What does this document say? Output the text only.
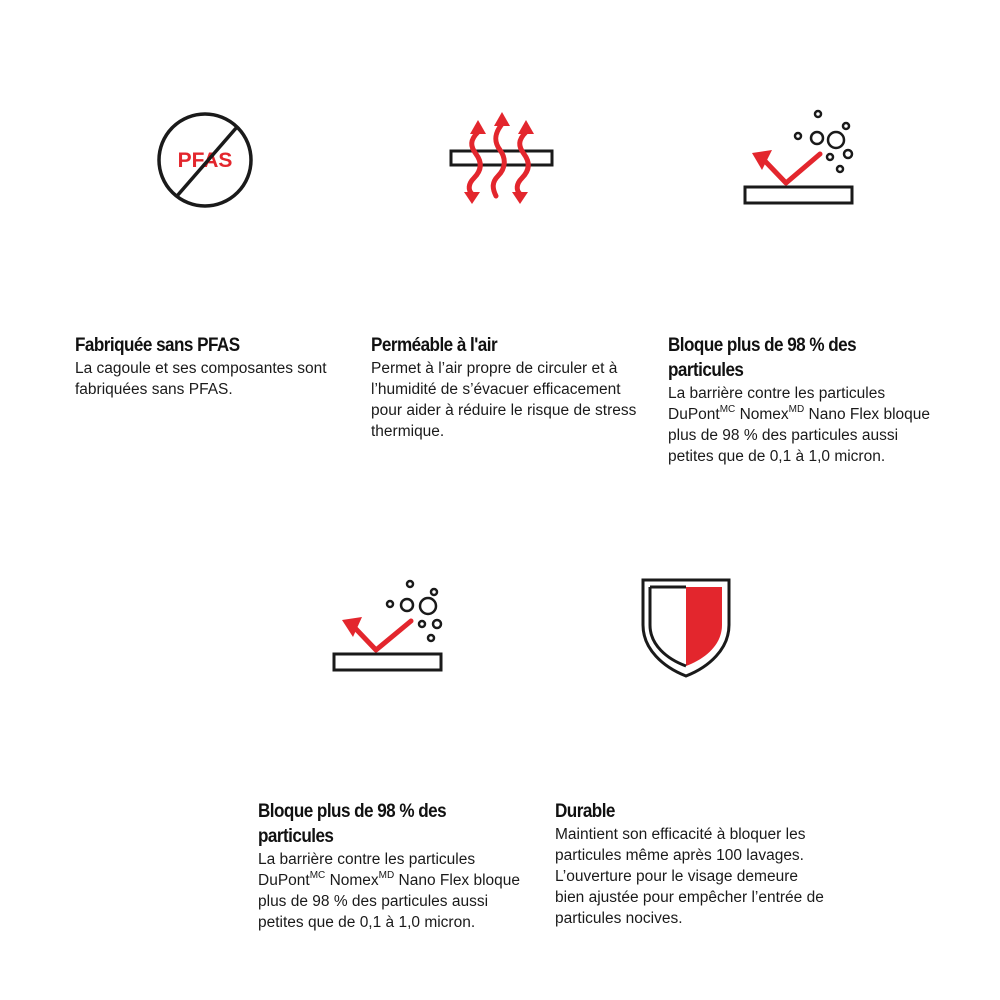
PFAS

Fabriquée sans PFAS

La cagoule et ses composantes sont fabriquées sans PFAS.

Perméable à l'air

Permet à l’air propre de circuler et à l’humidité de s’évacuer efficacement pour aider à réduire le risque de stress thermique.

Bloque plus de 98 % des particules

La barrière contre les particules DuPont$^{MC}$ Nomex$^{MD}$ Nano Flex bloque plus de 98 % des particules aussi petites que de 0,1 à 1,0 micron.

Bloque plus de 98 % des particules

La barrière contre les particules DuPont$^{MC}$ Nomex$^{MD}$ Nano Flex bloque plus de 98 % des particules aussi petites que de 0,1 à 1,0 micron.

Durable

Maintient son efficacité à bloquer les particules même après 100 lavages. L’ouverture pour le visage demeure bien ajustée pour empêcher l’entrée de particules nocives.
